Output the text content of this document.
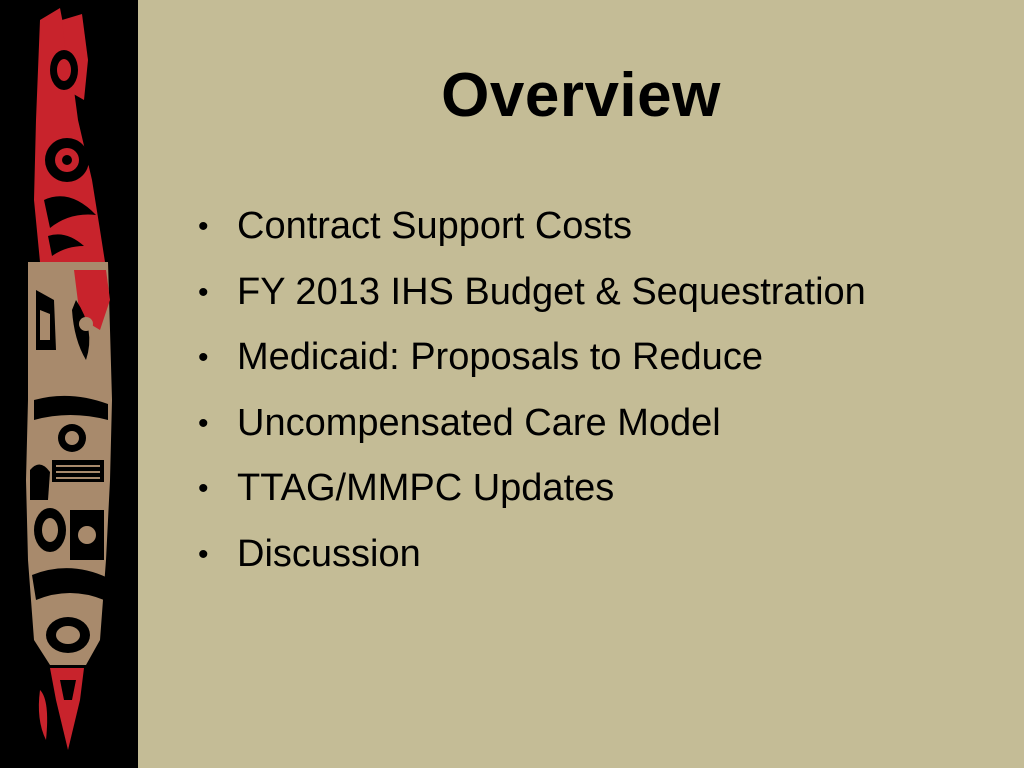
Overview
• Contract Support Costs
• FY 2013 IHS Budget & Sequestration
• Medicaid: Proposals to Reduce
• Uncompensated Care Model
• TTAG/MMPC Updates
• Discussion
